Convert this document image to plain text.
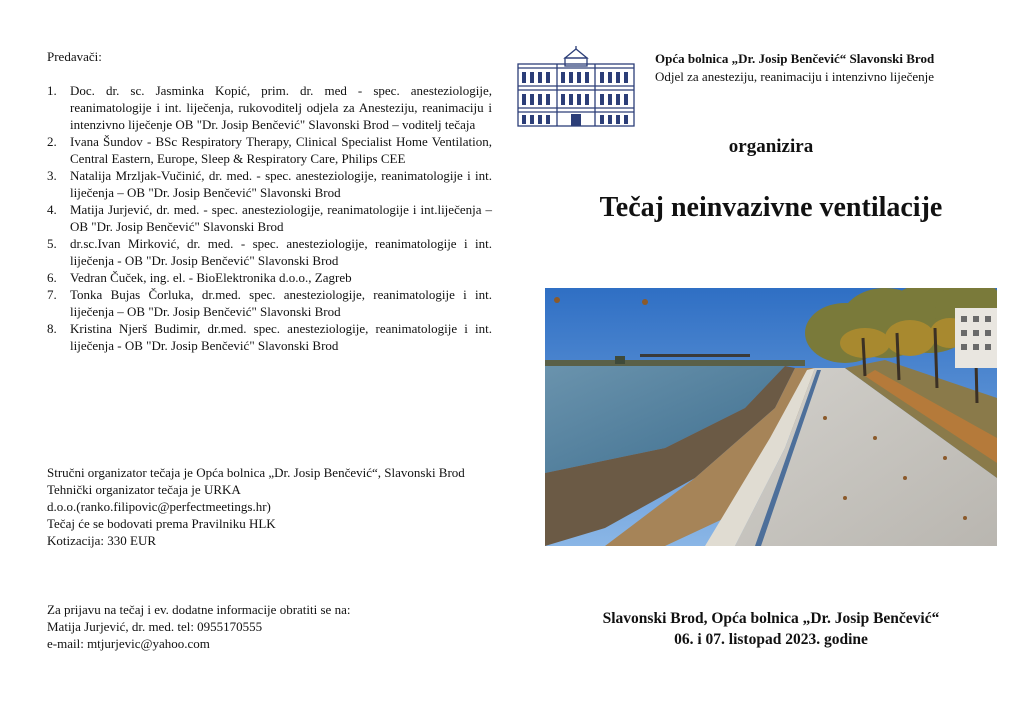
Predavači:
1. Doc. dr. sc. Jasminka Kopić, prim. dr. med - spec. anesteziologije, reanimatologije i int. liječenja, rukovoditelj odjela za Anesteziju, reanimaciju i intenzivno liječenje OB "Dr. Josip Benčević" Slavonski Brod – voditelj tečaja
2. Ivana Šundov - BSc Respiratory Therapy, Clinical Specialist Home Ventilation, Central Eastern, Europe, Sleep & Respiratory Care, Philips CEE
3. Natalija Mrzljak-Vučinić, dr. med. - spec. anesteziologije, reanimatologije i int. liječenja – OB "Dr. Josip Benčević" Slavonski Brod
4. Matija Jurjević, dr. med. - spec. anesteziologije, reanimatologije i int.liječenja – OB "Dr. Josip Benčević" Slavonski Brod
5. dr.sc.Ivan Mirković, dr. med. - spec. anesteziologije, reanimatologije i int. liječenja - OB "Dr. Josip Benčević" Slavonski Brod
6. Vedran Čuček, ing. el. - BioElektronika d.o.o., Zagreb
7. Tonka Bujas Čorluka, dr.med. spec. anesteziologije, reanimatologije i int. liječenja – OB "Dr. Josip Benčević" Slavonski Brod
8. Kristina Njerš Budimir, dr.med. spec. anesteziologije, reanimatologije i int. liječenja - OB "Dr. Josip Benčević" Slavonski Brod
Stručni organizator tečaja je Opća bolnica „Dr. Josip Benčević“, Slavonski Brod Tehnički organizator tečaja je URKA
d.o.o.(ranko.filipovic@perfectmeetings.hr)
Tečaj će se bodovati prema Pravilniku HLK
Kotizacija: 330 EUR
Za prijavu na tečaj i ev. dodatne informacije obratiti se na:
Matija Jurjević, dr. med. tel: 0955170555
e-mail: mtjurjevic@yahoo.com
Opća bolnica „Dr. Josip Benčević“ Slavonski Brod
Odjel za anesteziju, reanimaciju i intenzivno liječenje
organizira
Tečaj neinvazivne ventilacije
Slavonski Brod, Opća bolnica „Dr. Josip Benčević“
06. i 07. listopad 2023. godine
